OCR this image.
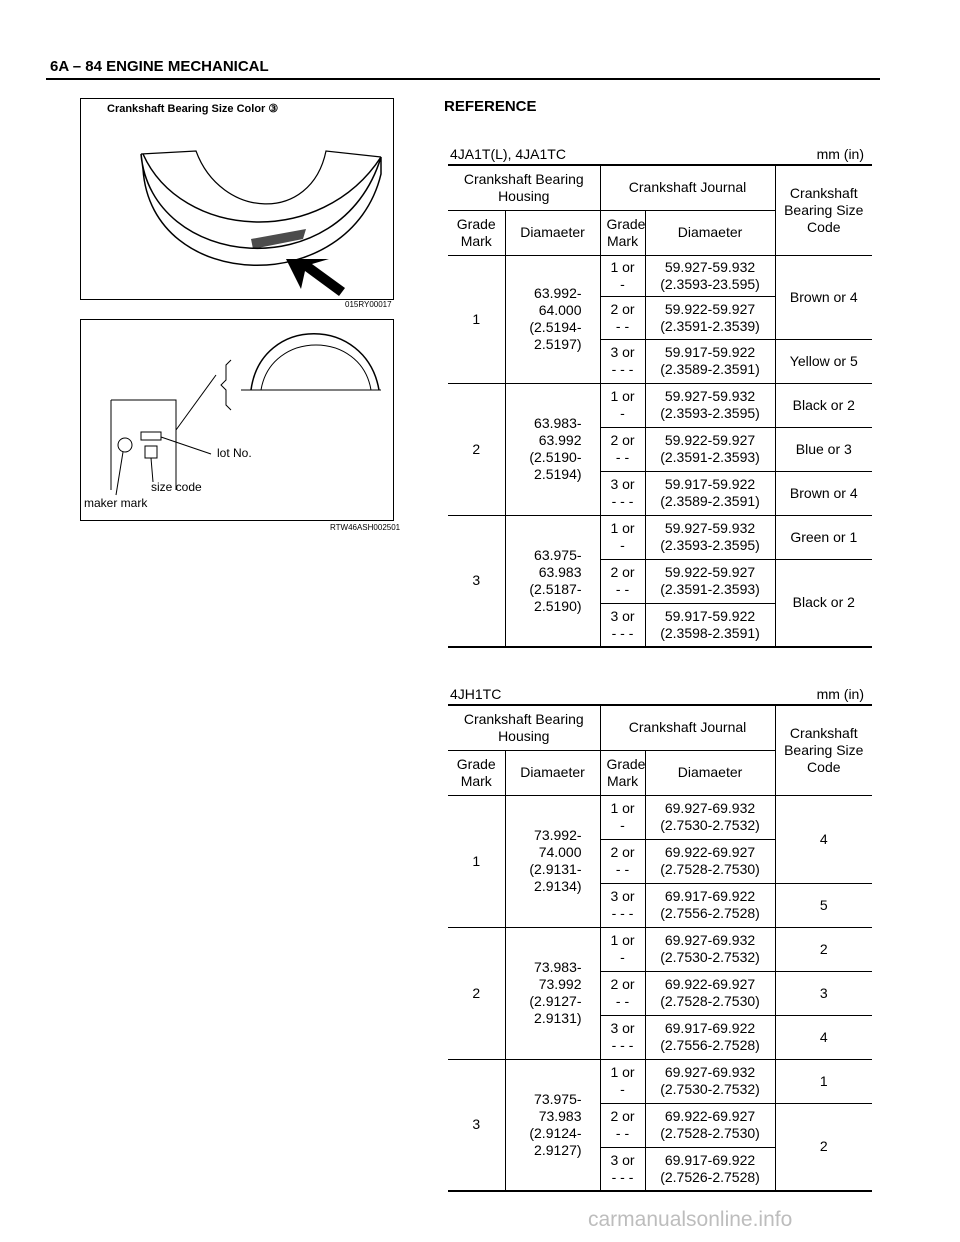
6A – 84 ENGINE MECHANICAL
Crankshaft Bearing Size Color ③
015RY00017
lot No.
size code
maker mark
RTW46ASH002501
REFERENCE
4JA1T(L), 4JA1TC	mm (in)
Crankshaft Bearing Housing		Crankshaft Journal		Crankshaft Bearing Size Code
Grade Mark	Diamaeter	Grade Mark	Diamaeter	
1	63.992-
64.000
(2.5194-
2.5197)	1 or
-	59.927-59.932
(2.3593-23.595)	Brown or 4
		2 or
- -	59.922-59.927
(2.3591-2.3539)	
		3 or
- - -	59.917-59.922
(2.3589-2.3591)	Yellow or 5
2	63.983-
63.992
(2.5190-
2.5194)	1 or
-	59.927-59.932
(2.3593-2.3595)	Black or 2
		2 or
- -	59.922-59.927
(2.3591-2.3593)	Blue or 3
		3 or
- - -	59.917-59.922
(2.3589-2.3591)	Brown or 4
3	63.975-
63.983
(2.5187-
2.5190)	1 or
-	59.927-59.932
(2.3593-2.3595)	Green or 1
		2 or
- -	59.922-59.927
(2.3591-2.3593)	Black or 2
		3 or
- - -	59.917-59.922
(2.3598-2.3591)	
4JH1TC	mm (in)
Crankshaft Bearing Housing		Crankshaft Journal		Crankshaft Bearing Size Code
Grade Mark	Diamaeter	Grade Mark	Diamaeter	
1	73.992-
74.000
(2.9131-
2.9134)	1 or
-	69.927-69.932
(2.7530-2.7532)	4
		2 or
- -	69.922-69.927
(2.7528-2.7530)	
		3 or
- - -	69.917-69.922
(2.7556-2.7528)	5
2	73.983-
73.992
(2.9127-
2.9131)	1 or
-	69.927-69.932
(2.7530-2.7532)	2
		2 or
- -	69.922-69.927
(2.7528-2.7530)	3
		3 or
- - -	69.917-69.922
(2.7556-2.7528)	4
3	73.975-
73.983
(2.9124-
2.9127)	1 or
-	69.927-69.932
(2.7530-2.7532)	1
		2 or
- -	69.922-69.927
(2.7528-2.7530)	2
		3 or
- - -	69.917-69.922
(2.7526-2.7528)	
carmanualsonline.info
